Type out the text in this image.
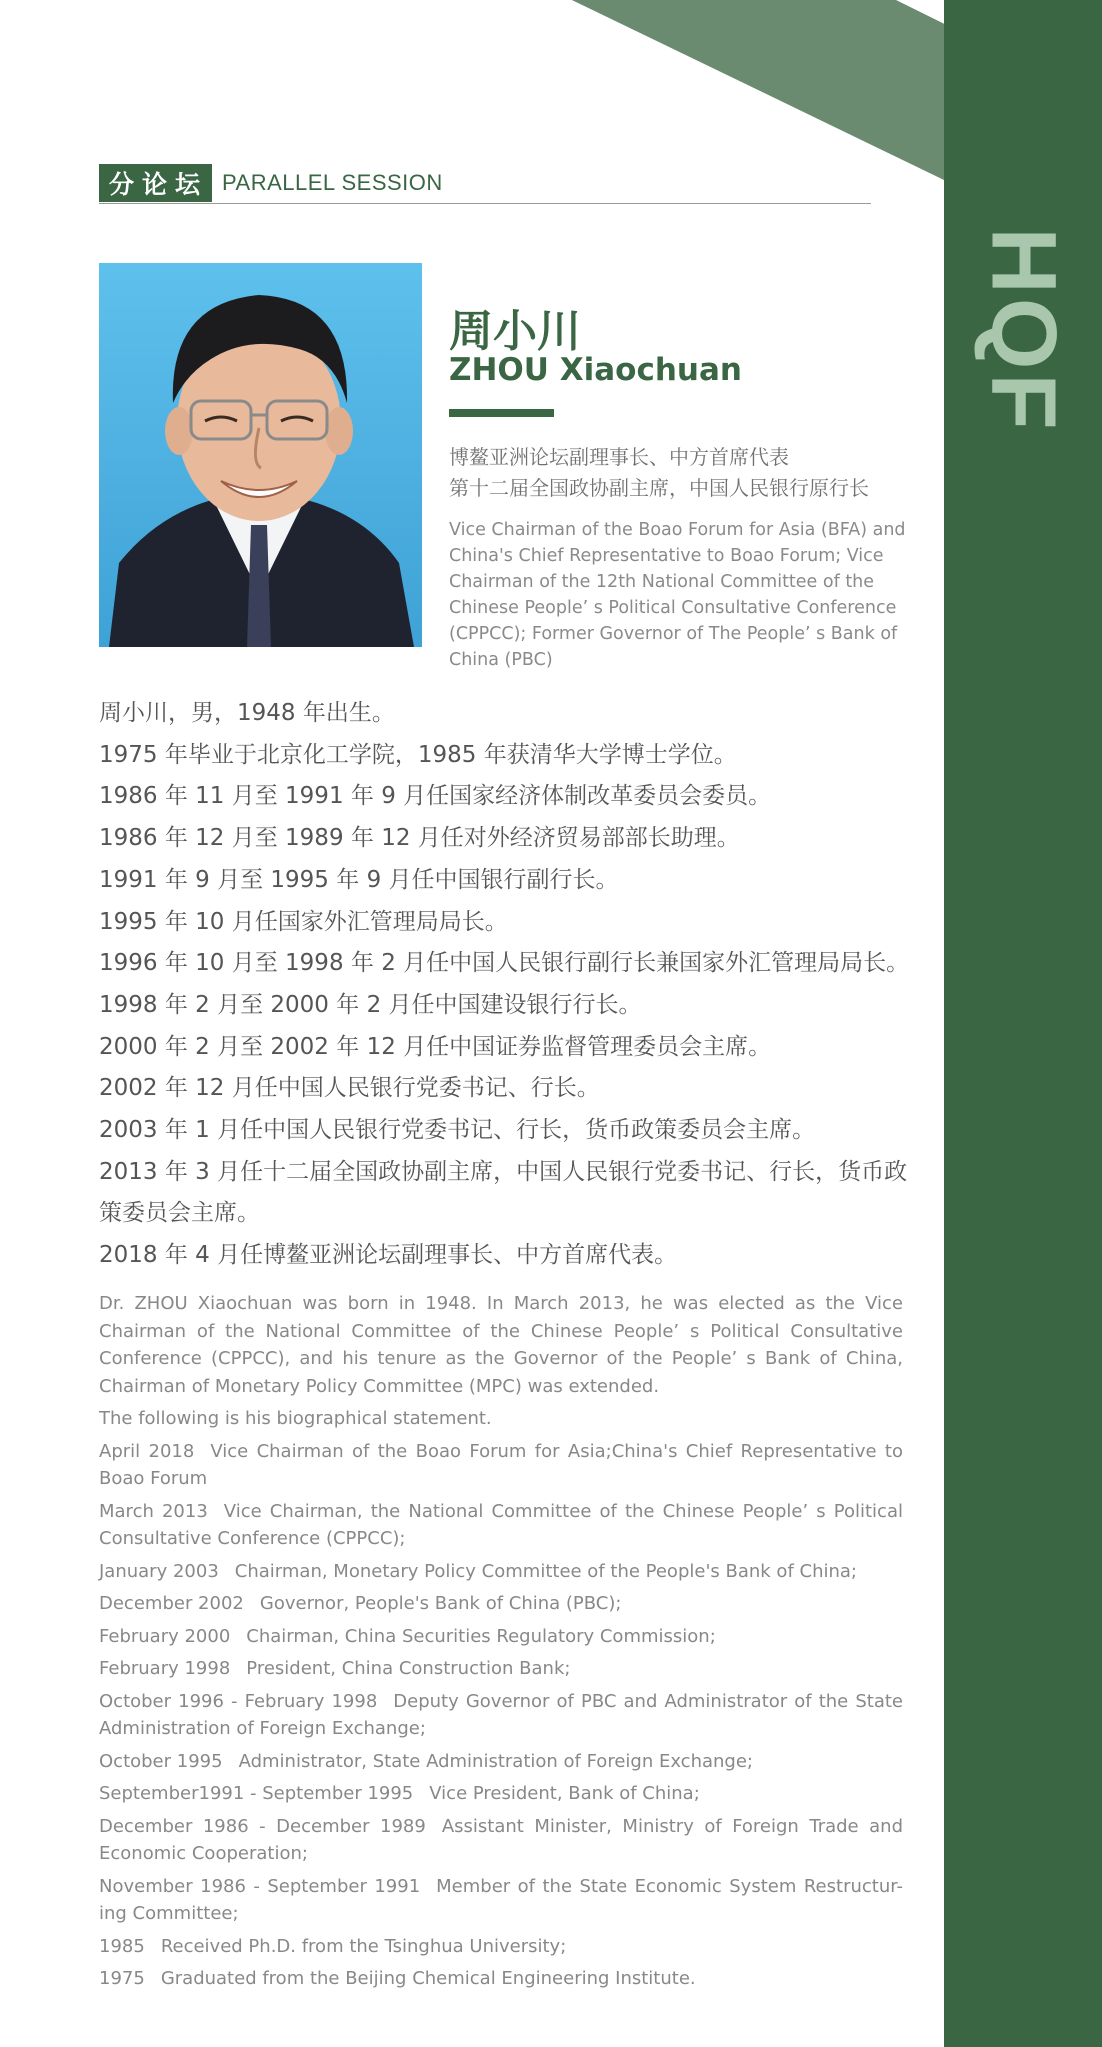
HQF
分论坛 PARALLEL SESSION
周小川
ZHOU Xiaochuan
博鳌亚洲论坛副理事长、中方首席代表
第十二届全国政协副主席，中国人民银行原行长
Vice Chairman of the Boao Forum for Asia (BFA) and China's Chief Representative to Boao Forum; Vice Chairman of the 12th National Committee of the Chinese People’ s Political Consultative Conference (CPPCC); Former Governor of The People’ s Bank of China (PBC)
周小川，男，1948 年出生。
1975 年毕业于北京化工学院，1985 年获清华大学博士学位。
1986 年 11 月至 1991 年 9 月任国家经济体制改革委员会委员。
1986 年 12 月至 1989 年 12 月任对外经济贸易部部长助理。
1991 年 9 月至 1995 年 9 月任中国银行副行长。
1995 年 10 月任国家外汇管理局局长。
1996 年 10 月至 1998 年 2 月任中国人民银行副行长兼国家外汇管理局局长。
1998 年 2 月至 2000 年 2 月任中国建设银行行长。
2000 年 2 月至 2002 年 12 月任中国证券监督管理委员会主席。
2002 年 12 月任中国人民银行党委书记、行长。
2003 年 1 月任中国人民银行党委书记、行长，货币政策委员会主席。
2013 年 3 月任十二届全国政协副主席，中国人民银行党委书记、行长，货币政策委员会主席。
2018 年 4 月任博鳌亚洲论坛副理事长、中方首席代表。

Dr. ZHOU Xiaochuan was born in 1948. In March 2013, he was elected as the Vice Chairman of the National Committee of the Chinese People’ s Political Consultative Conference (CPPCC), and his tenure as the Governor of the People’ s Bank of China, Chairman of Monetary Policy Committee (MPC) was extended.

The following is his biographical statement.

April 2018 Vice Chairman of the Boao Forum for Asia;China's Chief Representative to Boao Forum
March 2013 Vice Chairman, the National Committee of the Chinese People’ s Political Consultative Conference (CPPCC);
January 2003 Chairman, Monetary Policy Committee of the People's Bank of China;
December 2002 Governor, People's Bank of China (PBC);
February 2000 Chairman, China Securities Regulatory Commission;
February 1998 President, China Construction Bank;
October 1996 - February 1998 Deputy Governor of PBC and Administrator of the State Administration of Foreign Exchange;
October 1995 Administrator, State Administration of Foreign Exchange;
September1991 - September 1995 Vice President, Bank of China;
December 1986 - December 1989 Assistant Minister, Ministry of Foreign Trade and Economic Cooperation;
November 1986 - September 1991 Member of the State Economic System Restructur-ing Committee;
1985 Received Ph.D. from the Tsinghua University;
1975 Graduated from the Beijing Chemical Engineering Institute.
